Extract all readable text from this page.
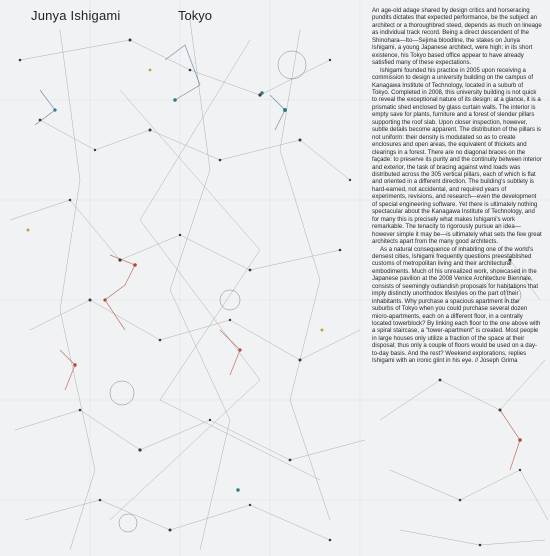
Junya Ishigami	Tokyo	An age-old adage shared by design critics and horseracing pundits dictates that expected performance, be the subject an architect or a thoroughbred steed, depends as much on lineage as individual track record. Being a direct descendent of the Shinohara—Ito—Sejima bloodline, the stakes on Junya Ishigami, a young Japanese architect, were high; in its short existence, his Tokyo based office appear to have already satisfied many of these expectations.

Ishigami founded his practice in 2005 upon receiving a commission to design a university building on the campus of Kanagawa Institute of Technology, located in a suburb of Tokyo. Completed in 2008, this university building is not quick to reveal the exceptional nature of its design: at a glance, it is a prismatic shed enclosed by glass curtain walls. The interior is empty save for plants, furniture and a forest of slender pillars supporting the roof slab. Upon closer inspection, however, subtle details become apparent. The distribution of the pillars is not uniform: their density is modulated so as to create enclosures and open areas, the equivalent of thickets and clearings in a forest. There are no diagonal braces on the façade: to preserve its purity and the continuity between interior and exterior, the task of bracing against wind loads was distributed across the 305 vertical pillars, each of which is flat and oriented in a different direction. The building's subtlety is hard-earned, not accidental, and required years of experiments, revisions, and research—even the development of special engineering software. Yet there is ultimately nothing spectacular about the Kanagawa Institute of Technology, and for many this is precisely what makes Ishigami's work remarkable. The tenacity to rigorously pursue an idea—however simple it may be—is ultimately what sets the few great architects apart from the many good architects.

As a natural consequence of inhabiting one of the world's densest cities, Ishigami frequently questions preestablished customs of metropolitan living and their architectural embodiments. Much of his unrealized work, showcased in the Japanese pavilion at the 2008 Venice Architecture Biennale, consists of seemingly outlandish proposals for habitations that imply distinctly unorthodox lifestyles on the part of their inhabitants. Why purchase a spacious apartment in the suburbs of Tokyo when you could purchase several dozen micro-apartments, each on a different floor, in a centrally located towerblock? By linking each floor to the one above with a spiral staircase, a "tower-apartment" is created. Most people in large houses only utilize a fraction of the space at their disposal; thus only a couple of floors would be used on a day-to-day basis. And the rest? Weekend explorations, replies Ishigami with an ironic glint in his eye. // Joseph Grima
